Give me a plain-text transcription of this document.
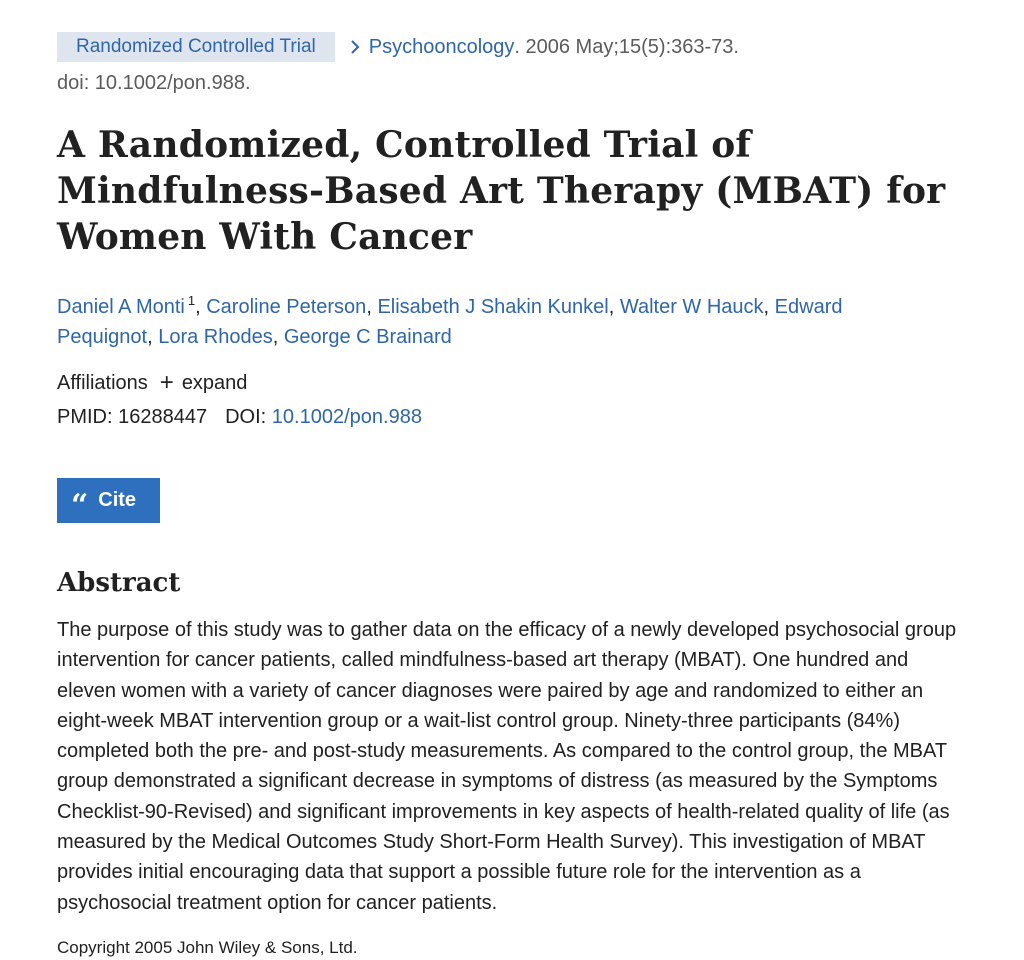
Randomized Controlled Trial	Psychooncology . 2006 May;15(5):363-73.
doi: 10.1002/pon.988.
A Randomized, Controlled Trial of Mindfulness-Based Art Therapy (MBAT) for Women With Cancer
Daniel A Monti $^1$, Caroline Peterson, Elisabeth J Shakin Kunkel, Walter W Hauck, Edward Pequignot, Lora Rhodes, George C Brainard
Affiliations + expand
PMID: 16288447 DOI: 10.1002/pon.988
“ Cite
Abstract
The purpose of this study was to gather data on the efficacy of a newly developed psychosocial group intervention for cancer patients, called mindfulness-based art therapy (MBAT). One hundred and eleven women with a variety of cancer diagnoses were paired by age and randomized to either an eight-week MBAT intervention group or a wait-list control group. Ninety-three participants (84%) completed both the pre- and post-study measurements. As compared to the control group, the MBAT group demonstrated a significant decrease in symptoms of distress (as measured by the Symptoms Checklist-90-Revised) and significant improvements in key aspects of health-related quality of life (as measured by the Medical Outcomes Study Short-Form Health Survey). This investigation of MBAT provides initial encouraging data that support a possible future role for the intervention as a psychosocial treatment option for cancer patients.
Copyright 2005 John Wiley & Sons, Ltd.
